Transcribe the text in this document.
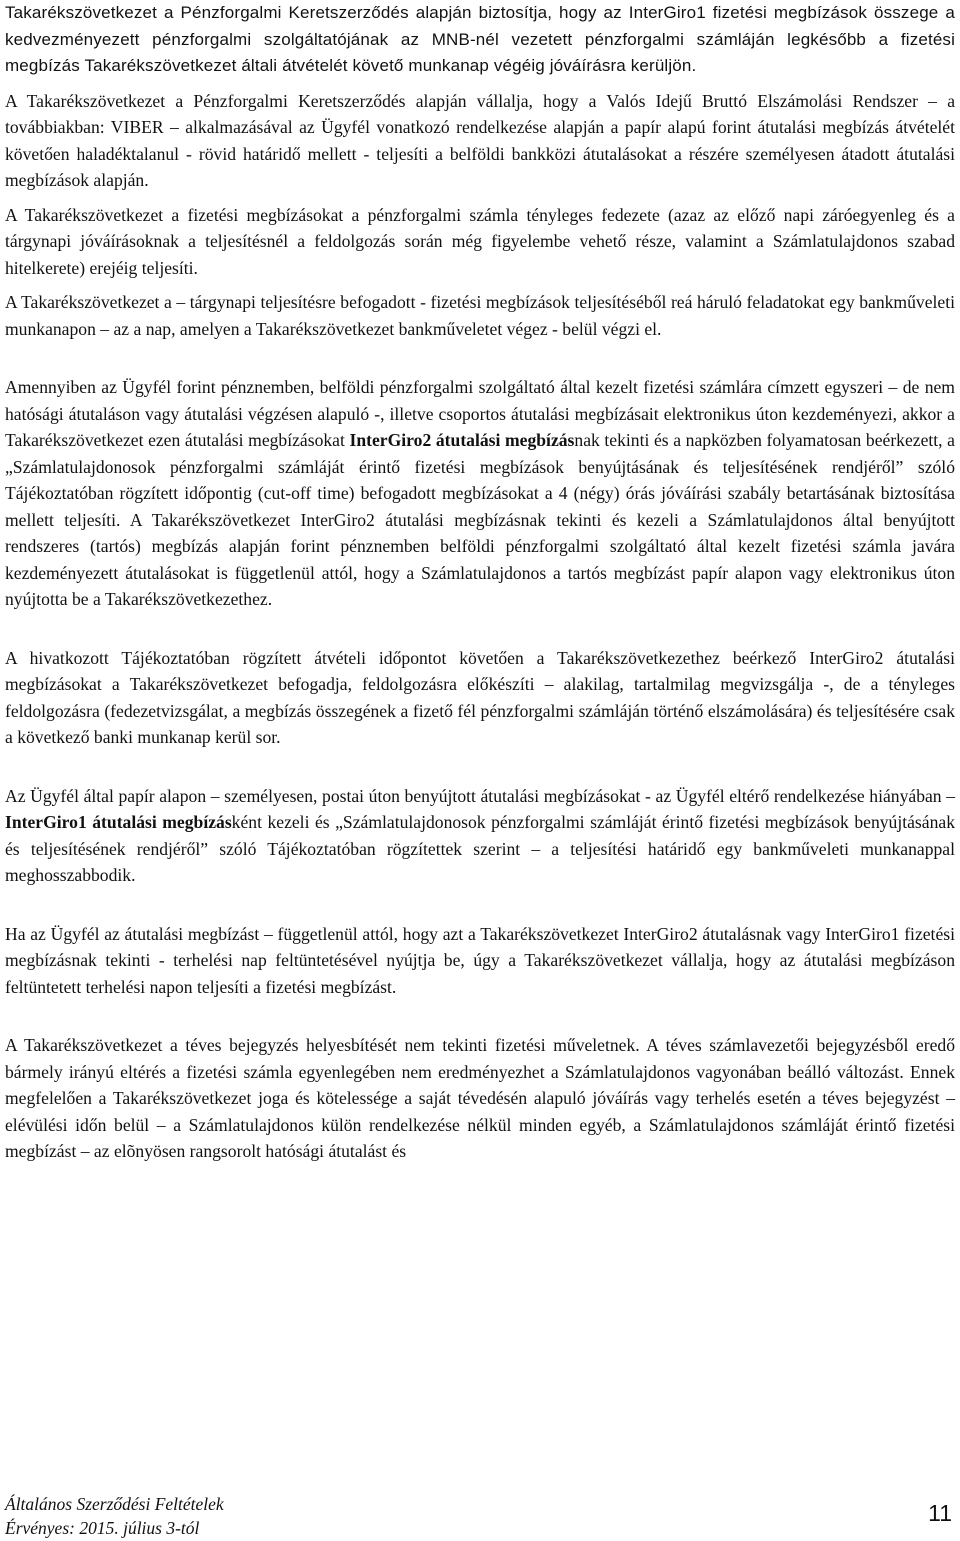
Takarékszövetkezet a Pénzforgalmi Keretszerződés alapján biztosítja, hogy az InterGiro1 fizetési megbízások összege a kedvezményezett pénzforgalmi szolgáltatójának az MNB-nél vezetett pénzforgalmi számláján legkésőbb a fizetési megbízás Takarékszövetkezet általi átvételét követő munkanap végéig jóváírásra kerüljön.

A Takarékszövetkezet a Pénzforgalmi Keretszerződés alapján vállalja, hogy a Valós Idejű Bruttó Elszámolási Rendszer – a továbbiakban: VIBER – alkalmazásával az Ügyfél vonatkozó rendelkezése alapján a papír alapú forint átutalási megbízás átvételét követően haladéktalanul - rövid határidő mellett - teljesíti a belföldi bankközi átutalásokat a részére személyesen átadott átutalási megbízások alapján.

A Takarékszövetkezet a fizetési megbízásokat a pénzforgalmi számla tényleges fedezete (azaz az előző napi záróegyenleg és a tárgynapi jóváírásoknak a teljesítésnél a feldolgozás során még figyelembe vehető része, valamint a Számlatulajdonos szabad hitelkerete) erejéig teljesíti.

A Takarékszövetkezet a – tárgynapi teljesítésre befogadott - fizetési megbízások teljesítéséből reá háruló feladatokat egy bankműveleti munkanapon – az a nap, amelyen a Takarékszövetkezet bankműveletet végez - belül végzi el.

Amennyiben az Ügyfél forint pénznemben, belföldi pénzforgalmi szolgáltató által kezelt fizetési számlára címzett egyszeri – de nem hatósági átutaláson vagy átutalási végzésen alapuló -, illetve csoportos átutalási megbízásait elektronikus úton kezdeményezi, akkor a Takarékszövetkezet ezen átutalási megbízásokat InterGiro2 átutalási megbízásnak tekinti és a napközben folyamatosan beérkezett, a „Számlatulajdonosok pénzforgalmi számláját érintő fizetési megbízások benyújtásának és teljesítésének rendjéről” szóló Tájékoztatóban rögzített időpontig (cut-off time) befogadott megbízásokat a 4 (négy) órás jóváírási szabály betartásának biztosítása mellett teljesíti. A Takarékszövetkezet InterGiro2 átutalási megbízásnak tekinti és kezeli a Számlatulajdonos által benyújtott rendszeres (tartós) megbízás alapján forint pénznemben belföldi pénzforgalmi szolgáltató által kezelt fizetési számla javára kezdeményezett átutalásokat is függetlenül attól, hogy a Számlatulajdonos a tartós megbízást papír alapon vagy elektronikus úton nyújtotta be a Takarékszövetkezethez.

A hivatkozott Tájékoztatóban rögzített átvételi időpontot követően a Takarékszövetkezethez beérkező InterGiro2 átutalási megbízásokat a Takarékszövetkezet befogadja, feldolgozásra előkészíti – alakilag, tartalmilag megvizsgálja -, de a tényleges feldolgozásra (fedezetvizsgálat, a megbízás összegének a fizető fél pénzforgalmi számláján történő elszámolására) és teljesítésére csak a következő banki munkanap kerül sor.

Az Ügyfél által papír alapon – személyesen, postai úton benyújtott átutalási megbízásokat - az Ügyfél eltérő rendelkezése hiányában – InterGiro1 átutalási megbízásként kezeli és „Számlatulajdonosok pénzforgalmi számláját érintő fizetési megbízások benyújtásának és teljesítésének rendjéről” szóló Tájékoztatóban rögzítettek szerint – a teljesítési határidő egy bankműveleti munkanappal meghosszabbodik.

Ha az Ügyfél az átutalási megbízást – függetlenül attól, hogy azt a Takarékszövetkezet InterGiro2 átutalásnak vagy InterGiro1 fizetési megbízásnak tekinti - terhelési nap feltüntetésével nyújtja be, úgy a Takarékszövetkezet vállalja, hogy az átutalási megbízáson feltüntetett terhelési napon teljesíti a fizetési megbízást.

A Takarékszövetkezet a téves bejegyzés helyesbítését nem tekinti fizetési műveletnek. A téves számlavezetői bejegyzésből eredő bármely irányú eltérés a fizetési számla egyenlegében nem eredményezhet a Számlatulajdonos vagyonában beálló változást. Ennek megfelelően a Takarékszövetkezet joga és kötelessége a saját tévedésén alapuló jóváírás vagy terhelés esetén a téves bejegyzést – elévülési időn belül – a Számlatulajdonos külön rendelkezése nélkül minden egyéb, a Számlatulajdonos számláját érintő fizetési megbízást – az elõnyösen rangsorolt hatósági átutalást és

Általános Szerződési Feltételek
Érvényes: 2015. július 3-tól
11
